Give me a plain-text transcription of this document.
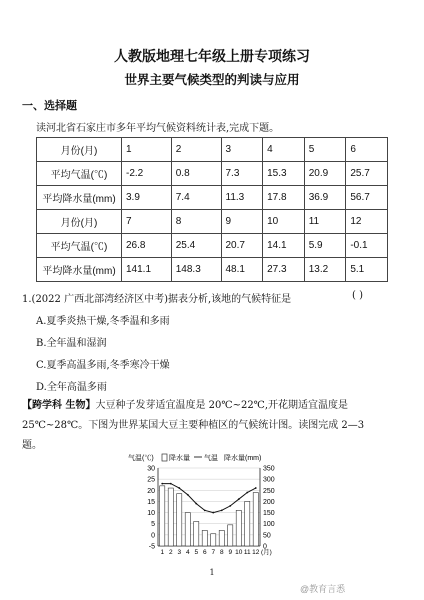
人教版地理七年级上册专项练习
世界主要气候类型的判读与应用
一、选择题
读河北省石家庄市多年平均气候资料统计表,完成下题。
月份(月)	1	2	3	4	5	6
平均气温(℃)	-2.2	0.8	7.3	15.3	20.9	25.7
平均降水量(mm)	3.9	7.4	11.3	17.8	36.9	56.7
月份(月)	7	8	9	10	11	12
平均气温(℃)	26.8	25.4	20.7	14.1	5.9	-0.1
平均降水量(mm)	141.1	148.3	48.1	27.3	13.2	5.1
1.(2022 广西北部湾经济区中考)据表分析,该地的气候特征是	( )
A.夏季炎热干燥,冬季温和多雨
B.全年温和湿润
C.夏季高温多雨,冬季寒冷干燥
D.全年高温多雨
【跨学科 生物】大豆种子发芽适宜温度是 20℃~22℃,开花期适宜温度是
25℃~28℃。下图为世界某国大豆主要种植区的气候统计图。读图完成 2—3
题。
气温(℃) 降水量 气温 降水量(mm)
30
25
20
15
10
5
0
-5
350
300
250
200
150
100
50
0
1 2 3 4 5 6 7 8 9 10 11 12 (月)
1
@教育言悉
